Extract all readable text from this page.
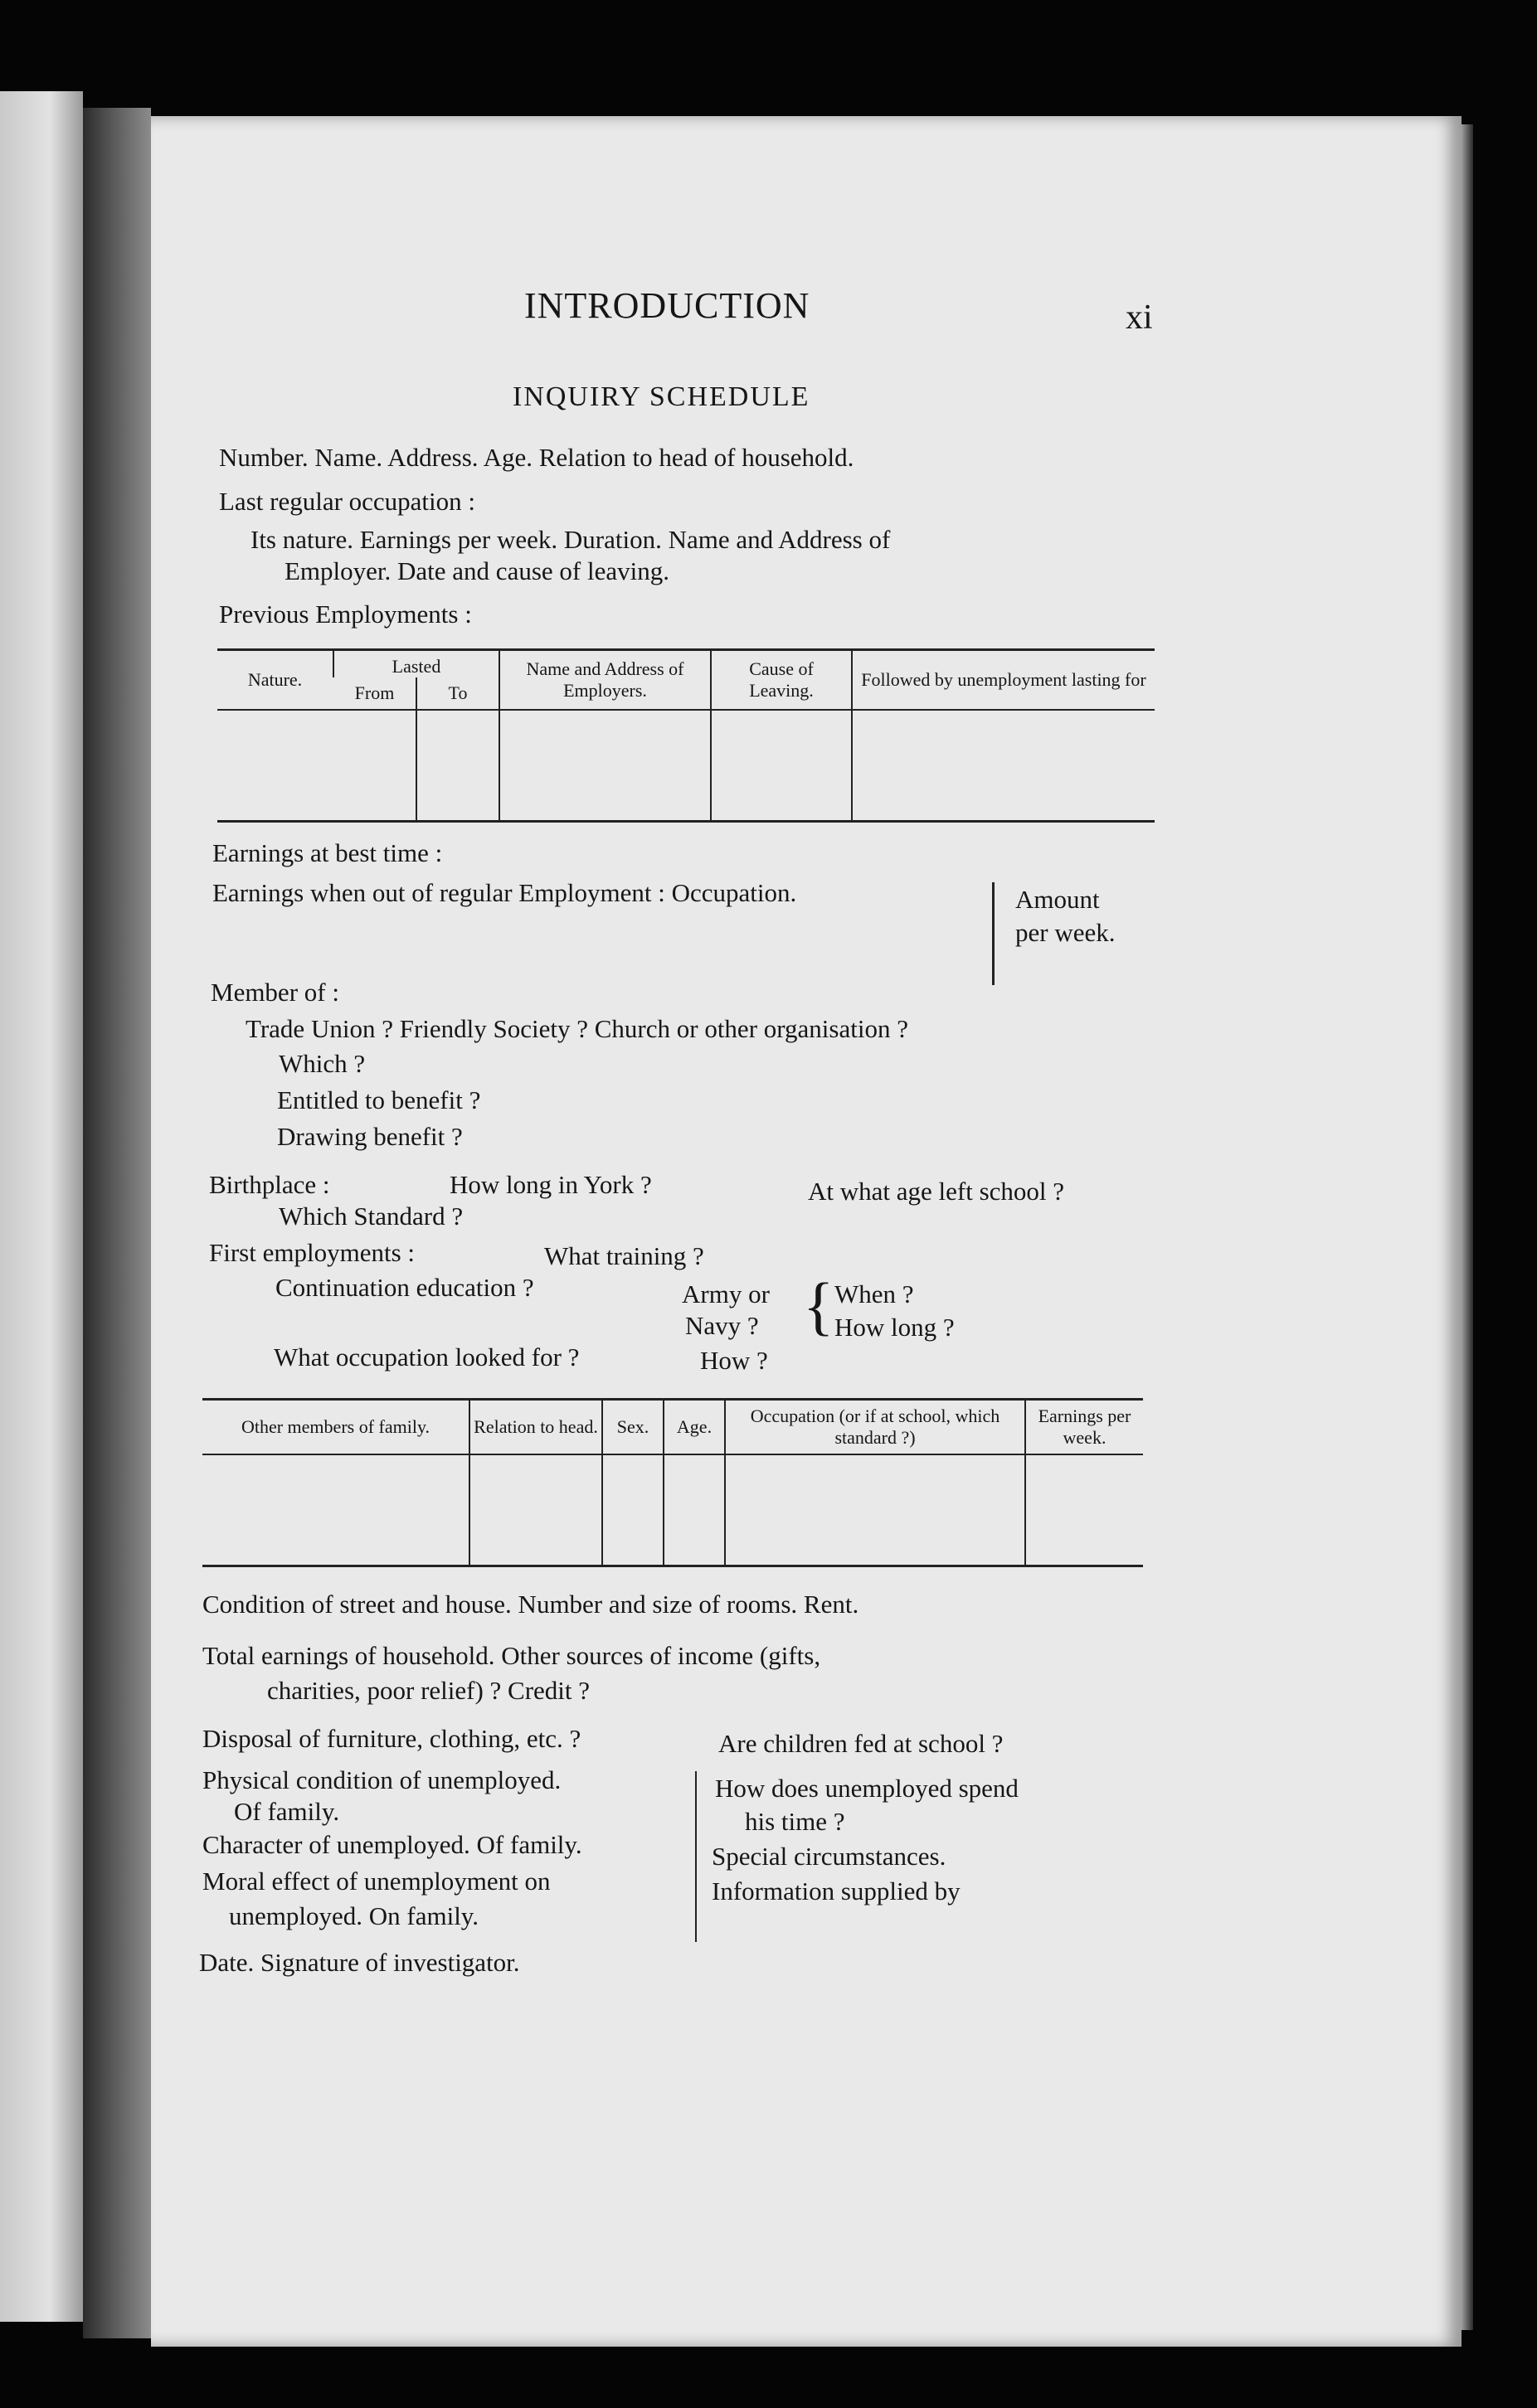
INTRODUCTION	xi
INQUIRY SCHEDULE
Number. Name. Address. Age. Relation to head of household.
Last regular occupation :
Its nature. Earnings per week. Duration. Name and Address of
Employer. Date and cause of leaving.
Previous Employments :
Nature.	Lasted		Name and Address of Employers.	Cause of Leaving.	Followed by unemployment lasting for
	From	To			

Earnings at best time :
Earnings when out of regular Employment : Occupation.	Amount
per week.
Member of :
Trade Union ? Friendly Society ? Church or other organisation ?
Which ?
Entitled to benefit ?
Drawing benefit ?
Birthplace :	How long in York ?	At what age left school ?
Which Standard ?
First employments :	What training ?
Continuation education ?	Army or
Navy ? { When ?
How long ?
What occupation looked for ?	How ?
Other members of family.	Relation to head.	Sex.	Age.	Occupation (or if at school, which standard ?)	Earnings per week.

Condition of street and house. Number and size of rooms. Rent.
Total earnings of household. Other sources of income (gifts,
charities, poor relief) ? Credit ?
Disposal of furniture, clothing, etc. ?	Are children fed at school ?
Physical condition of unemployed.
Of family.
Character of unemployed. Of family.
Moral effect of unemployment on
unemployed. On family.
How does unemployed spend
his time ?
Special circumstances.
Information supplied by
Date. Signature of investigator.
